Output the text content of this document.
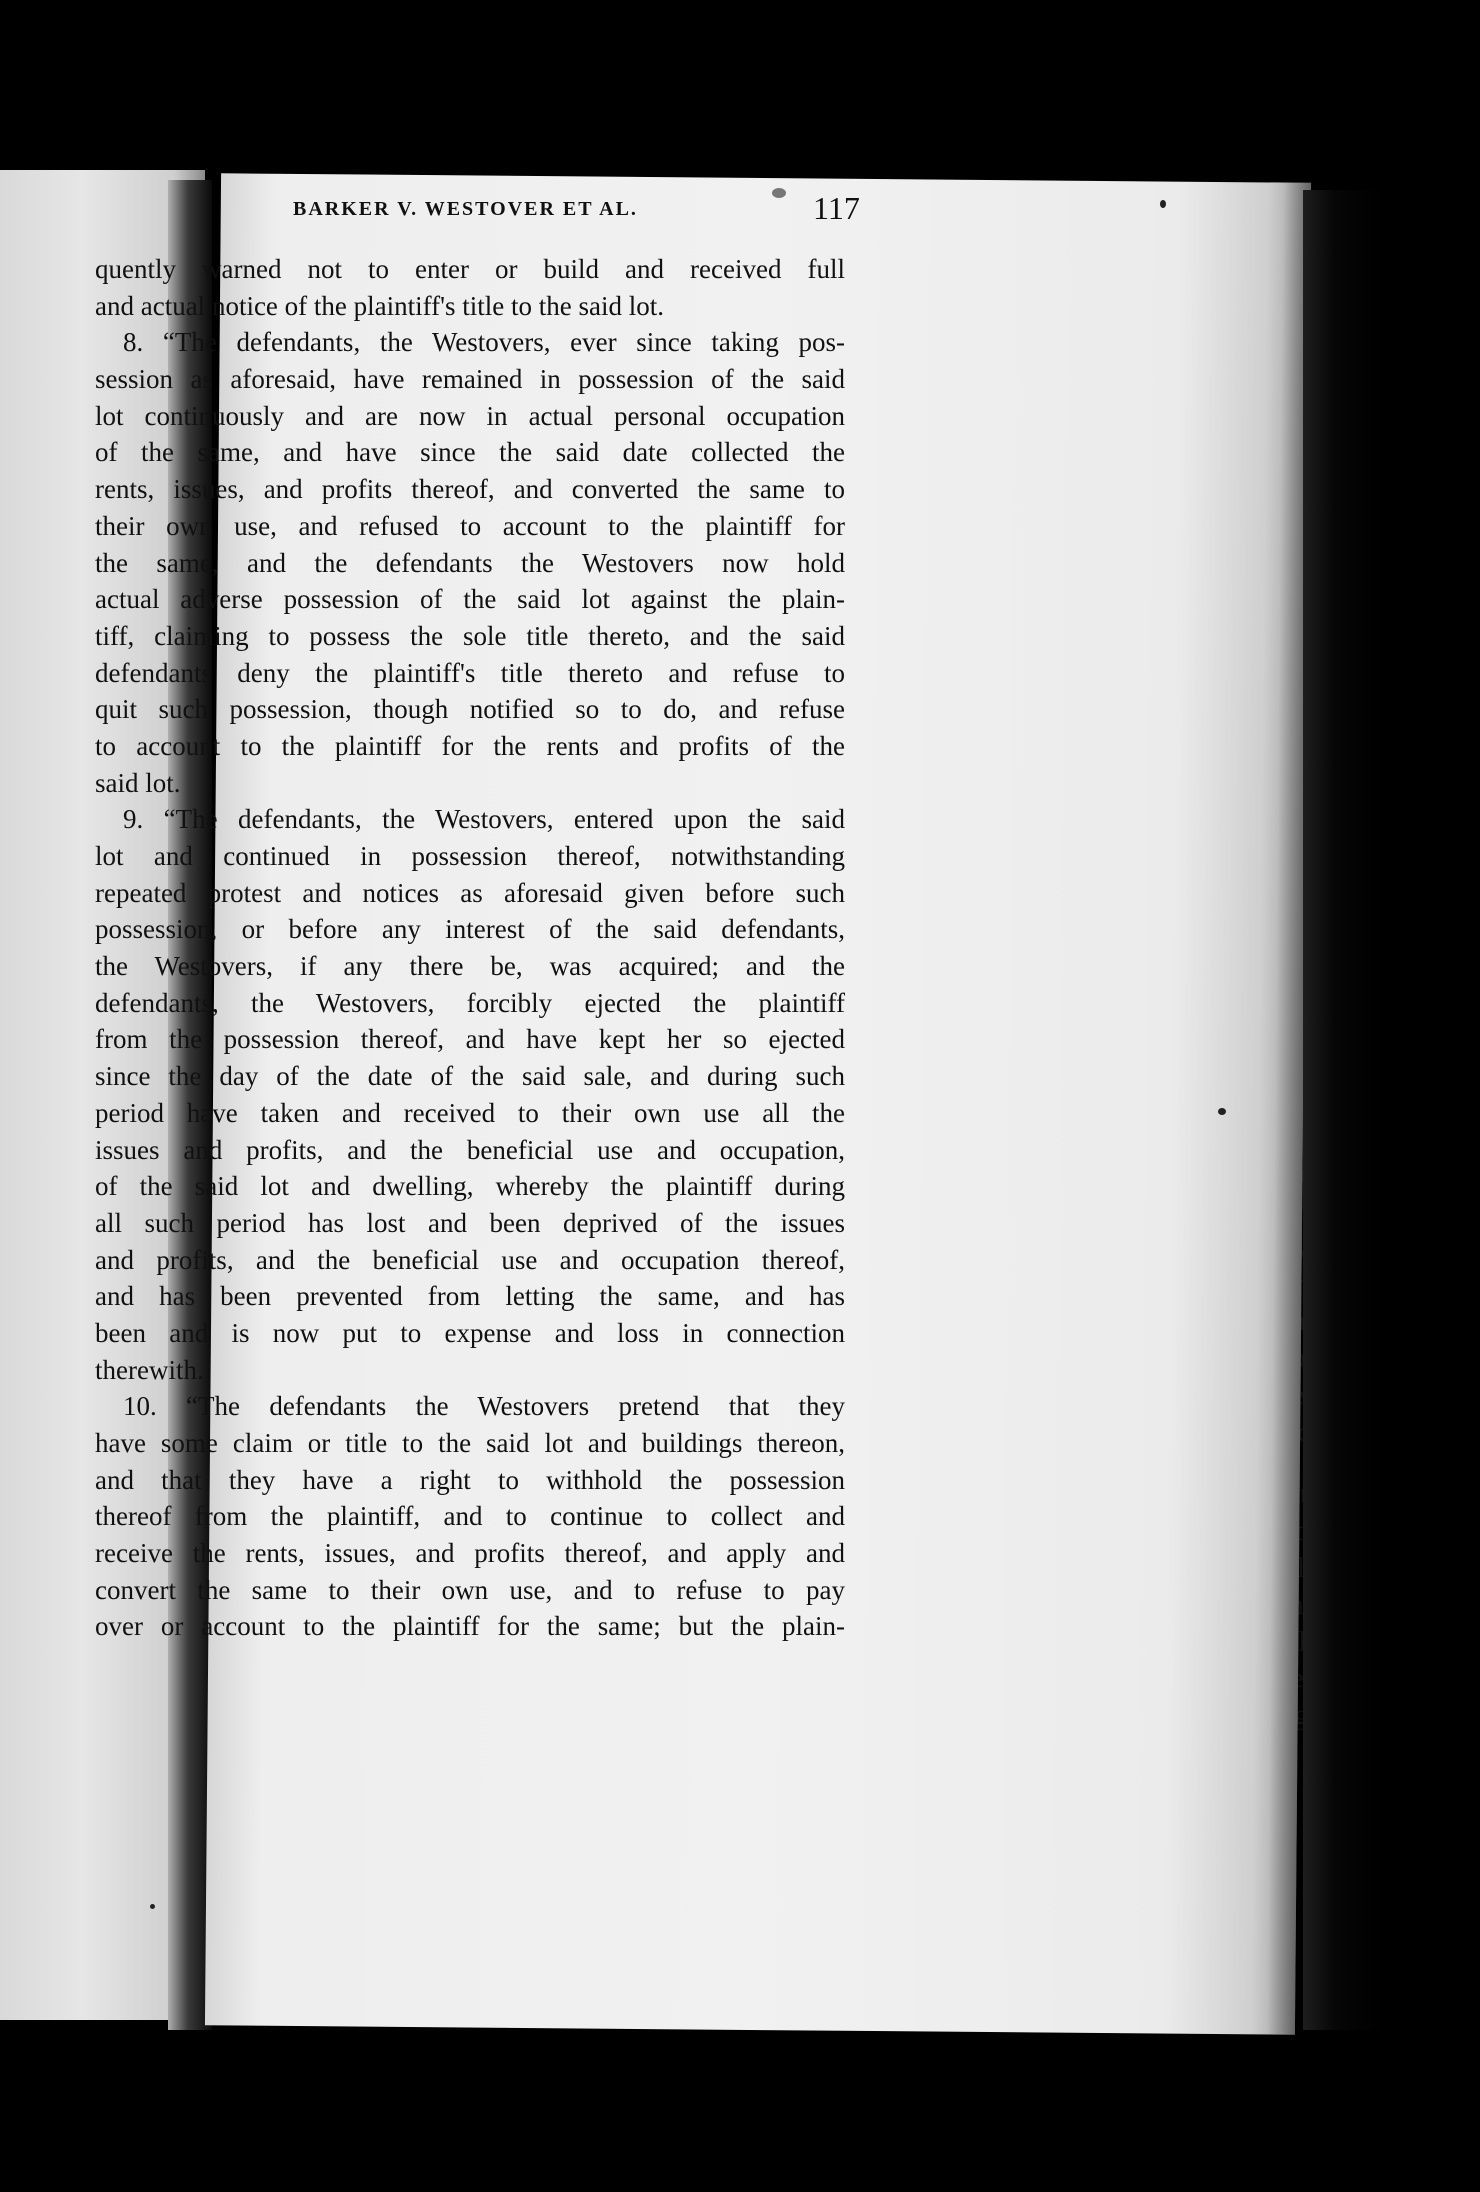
BARKER V. WESTOVER ET AL.	117
quently warned not to enter or build and received full
and actual notice of the plaintiff's title to the said lot.
8. “The defendants, the Westovers, ever since taking pos-
session as aforesaid, have remained in possession of the said
lot continuously and are now in actual personal occupation
of the same, and have since the said date collected the
rents, issues, and profits thereof, and converted the same to
their own use, and refused to account to the plaintiff for
the same, and the defendants the Westovers now hold
actual adverse possession of the said lot against the plain-
tiff, claiming to possess the sole title thereto, and the said
defendants deny the plaintiff's title thereto and refuse to
quit such possession, though notified so to do, and refuse
to account to the plaintiff for the rents and profits of the
said lot.
9. “The defendants, the Westovers, entered upon the said
lot and continued in possession thereof, notwithstanding
repeated protest and notices as aforesaid given before such
possession, or before any interest of the said defendants,
the Westovers, if any there be, was acquired; and the
defendants, the Westovers, forcibly ejected the plaintiff
from the possession thereof, and have kept her so ejected
since the day of the date of the said sale, and during such
period have taken and received to their own use all the
issues and profits, and the beneficial use and occupation,
of the said lot and dwelling, whereby the plaintiff during
all such period has lost and been deprived of the issues
and profits, and the beneficial use and occupation thereof,
and has been prevented from letting the same, and has
been and is now put to expense and loss in connection
therewith.
10. “The defendants the Westovers pretend that they
have some claim or title to the said lot and buildings thereon,
and that they have a right to withhold the possession
thereof from the plaintiff, and to continue to collect and
receive the rents, issues, and profits thereof, and apply and
convert the same to their own use, and to refuse to pay
over or account to the plaintiff for the same; but the plain-
